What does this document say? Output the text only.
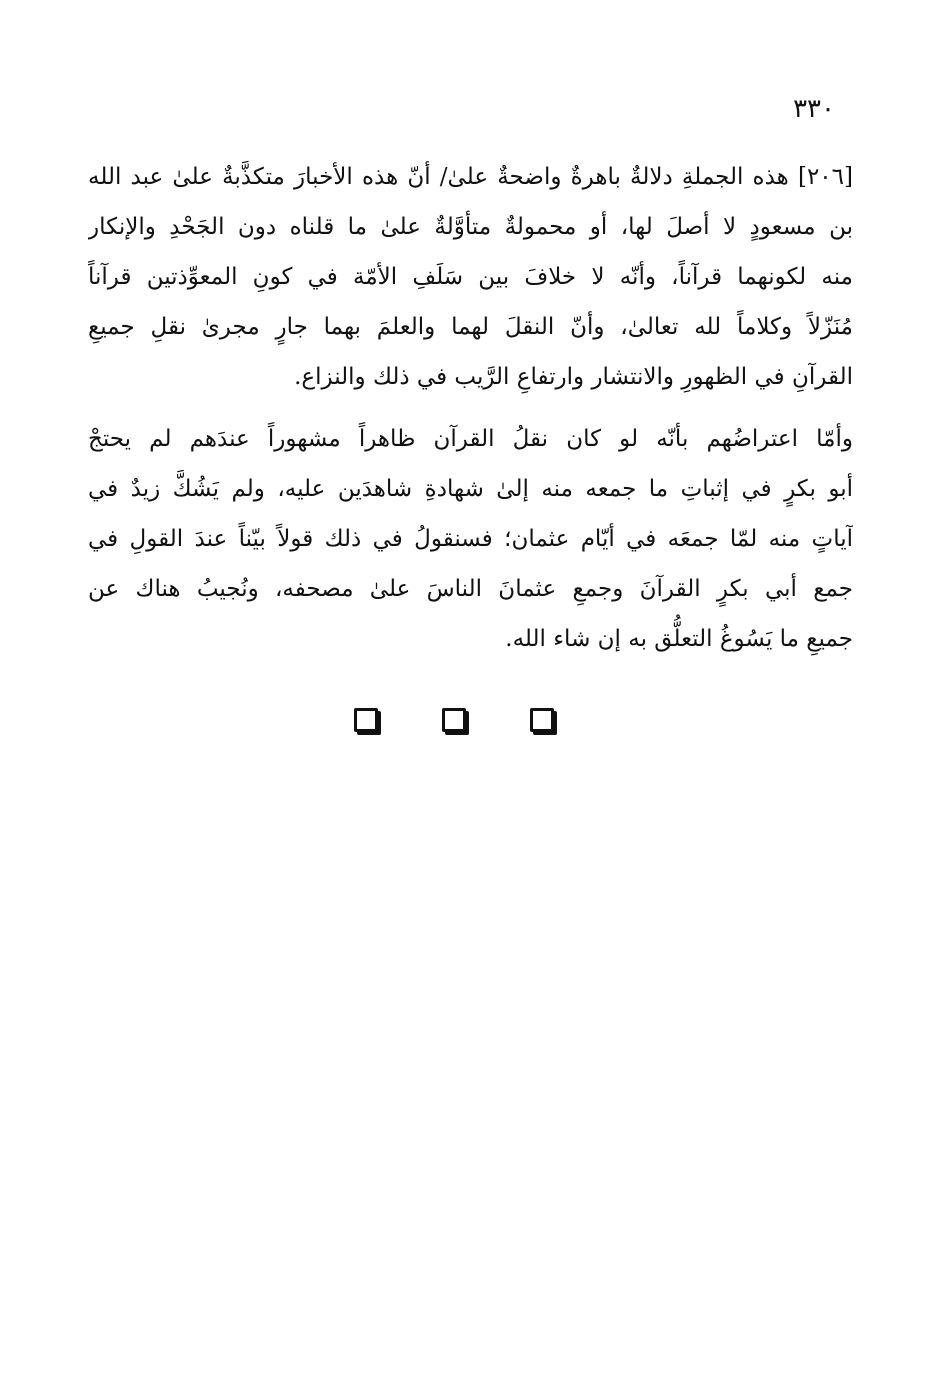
٣٣٠
[٢٠٦] هذه الجملةِ دلالةٌ باهرةٌ واضحةٌ علىٰ/ أنّ هذه الأخبارَ متكذَّبةٌ علىٰ عبد الله
بن مسعودٍ لا أصلَ لها، أو محمولةٌ متأوَّلةٌ علىٰ ما قلناه دون الجَحْدِ والإنكار
منه لكونهما قرآناً، وأنّه لا خلافَ بين سَلَفِ الأمّة في كونِ المعوِّذتين قرآناً
مُنَزّلاً وكلاماً لله تعالىٰ، وأنّ النقلَ لهما والعلمَ بهما جارٍ مجرىٰ نقلِ جميعِ
القرآنِ في الظهورِ والانتشار وارتفاعِ الرَّيب في ذلك والنزاع.
وأمّا اعتراضُهم بأنّه لو كان نقلُ القرآن ظاهراً مشهوراً عندَهم لم يحتجْ
أبو بكرٍ في إثباتِ ما جمعه منه إلىٰ شهادةِ شاهدَين عليه، ولم يَشُكَّ زيدٌ في
آياتٍ منه لمّا جمعَه في أيّام عثمان؛ فسنقولُ في ذلك قولاً بيّناً عندَ القولِ في
جمع أبي بكرٍ القرآنَ وجمعِ عثمانَ الناسَ علىٰ مصحفه، ونُجيبُ هناك عن
جميعِ ما يَسُوغُ التعلُّق به إن شاء الله.
